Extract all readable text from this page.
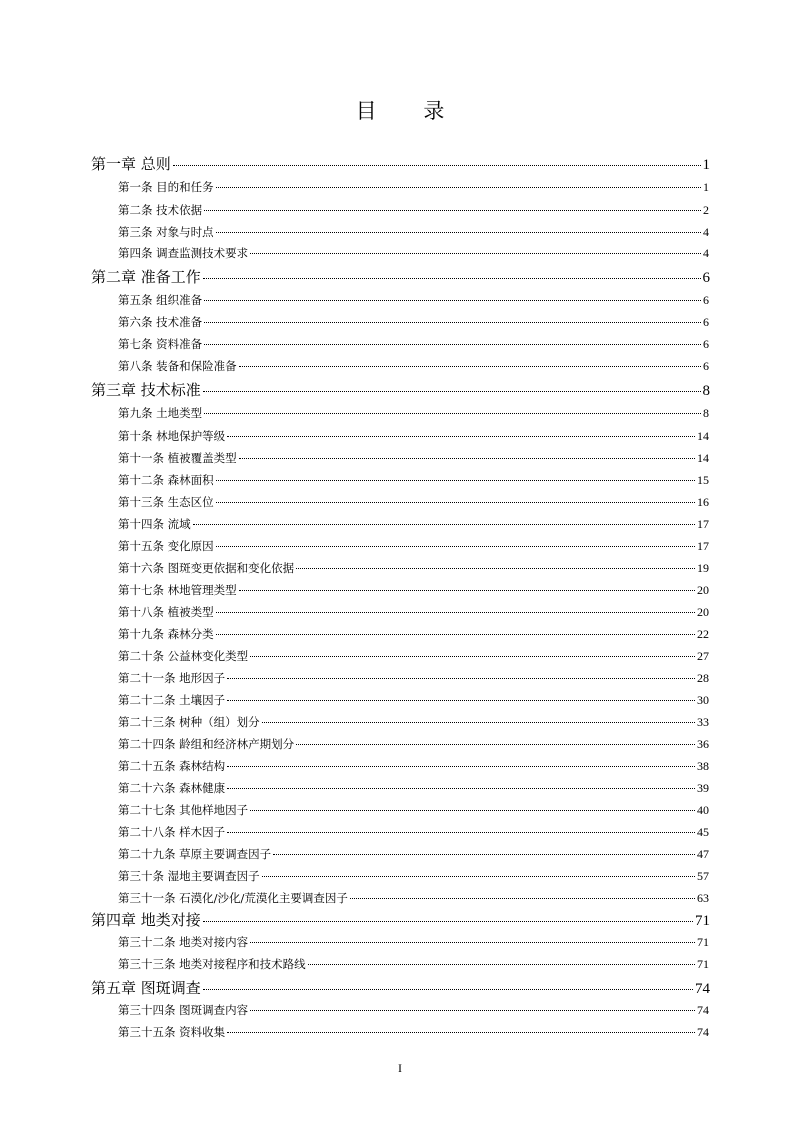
目 录
第一章 总则	1
第一条 目的和任务	1
第二条 技术依据	2
第三条 对象与时点	4
第四条 调查监测技术要求	4
第二章 准备工作	6
第五条 组织准备	6
第六条 技术准备	6
第七条 资料准备	6
第八条 装备和保险准备	6
第三章 技术标准	8
第九条 土地类型	8
第十条 林地保护等级	14
第十一条 植被覆盖类型	14
第十二条 森林面积	15
第十三条 生态区位	16
第十四条 流域	17
第十五条 变化原因	17
第十六条 图斑变更依据和变化依据	19
第十七条 林地管理类型	20
第十八条 植被类型	20
第十九条 森林分类	22
第二十条 公益林变化类型	27
第二十一条 地形因子	28
第二十二条 土壤因子	30
第二十三条 树种（组）划分	33
第二十四条 龄组和经济林产期划分	36
第二十五条 森林结构	38
第二十六条 森林健康	39
第二十七条 其他样地因子	40
第二十八条 样木因子	45
第二十九条 草原主要调查因子	47
第三十条 湿地主要调查因子	57
第三十一条 石漠化/沙化/荒漠化主要调查因子	63
第四章 地类对接	71
第三十二条 地类对接内容	71
第三十三条 地类对接程序和技术路线	71
第五章 图斑调查	74
第三十四条 图斑调查内容	74
第三十五条 资料收集	74
I
